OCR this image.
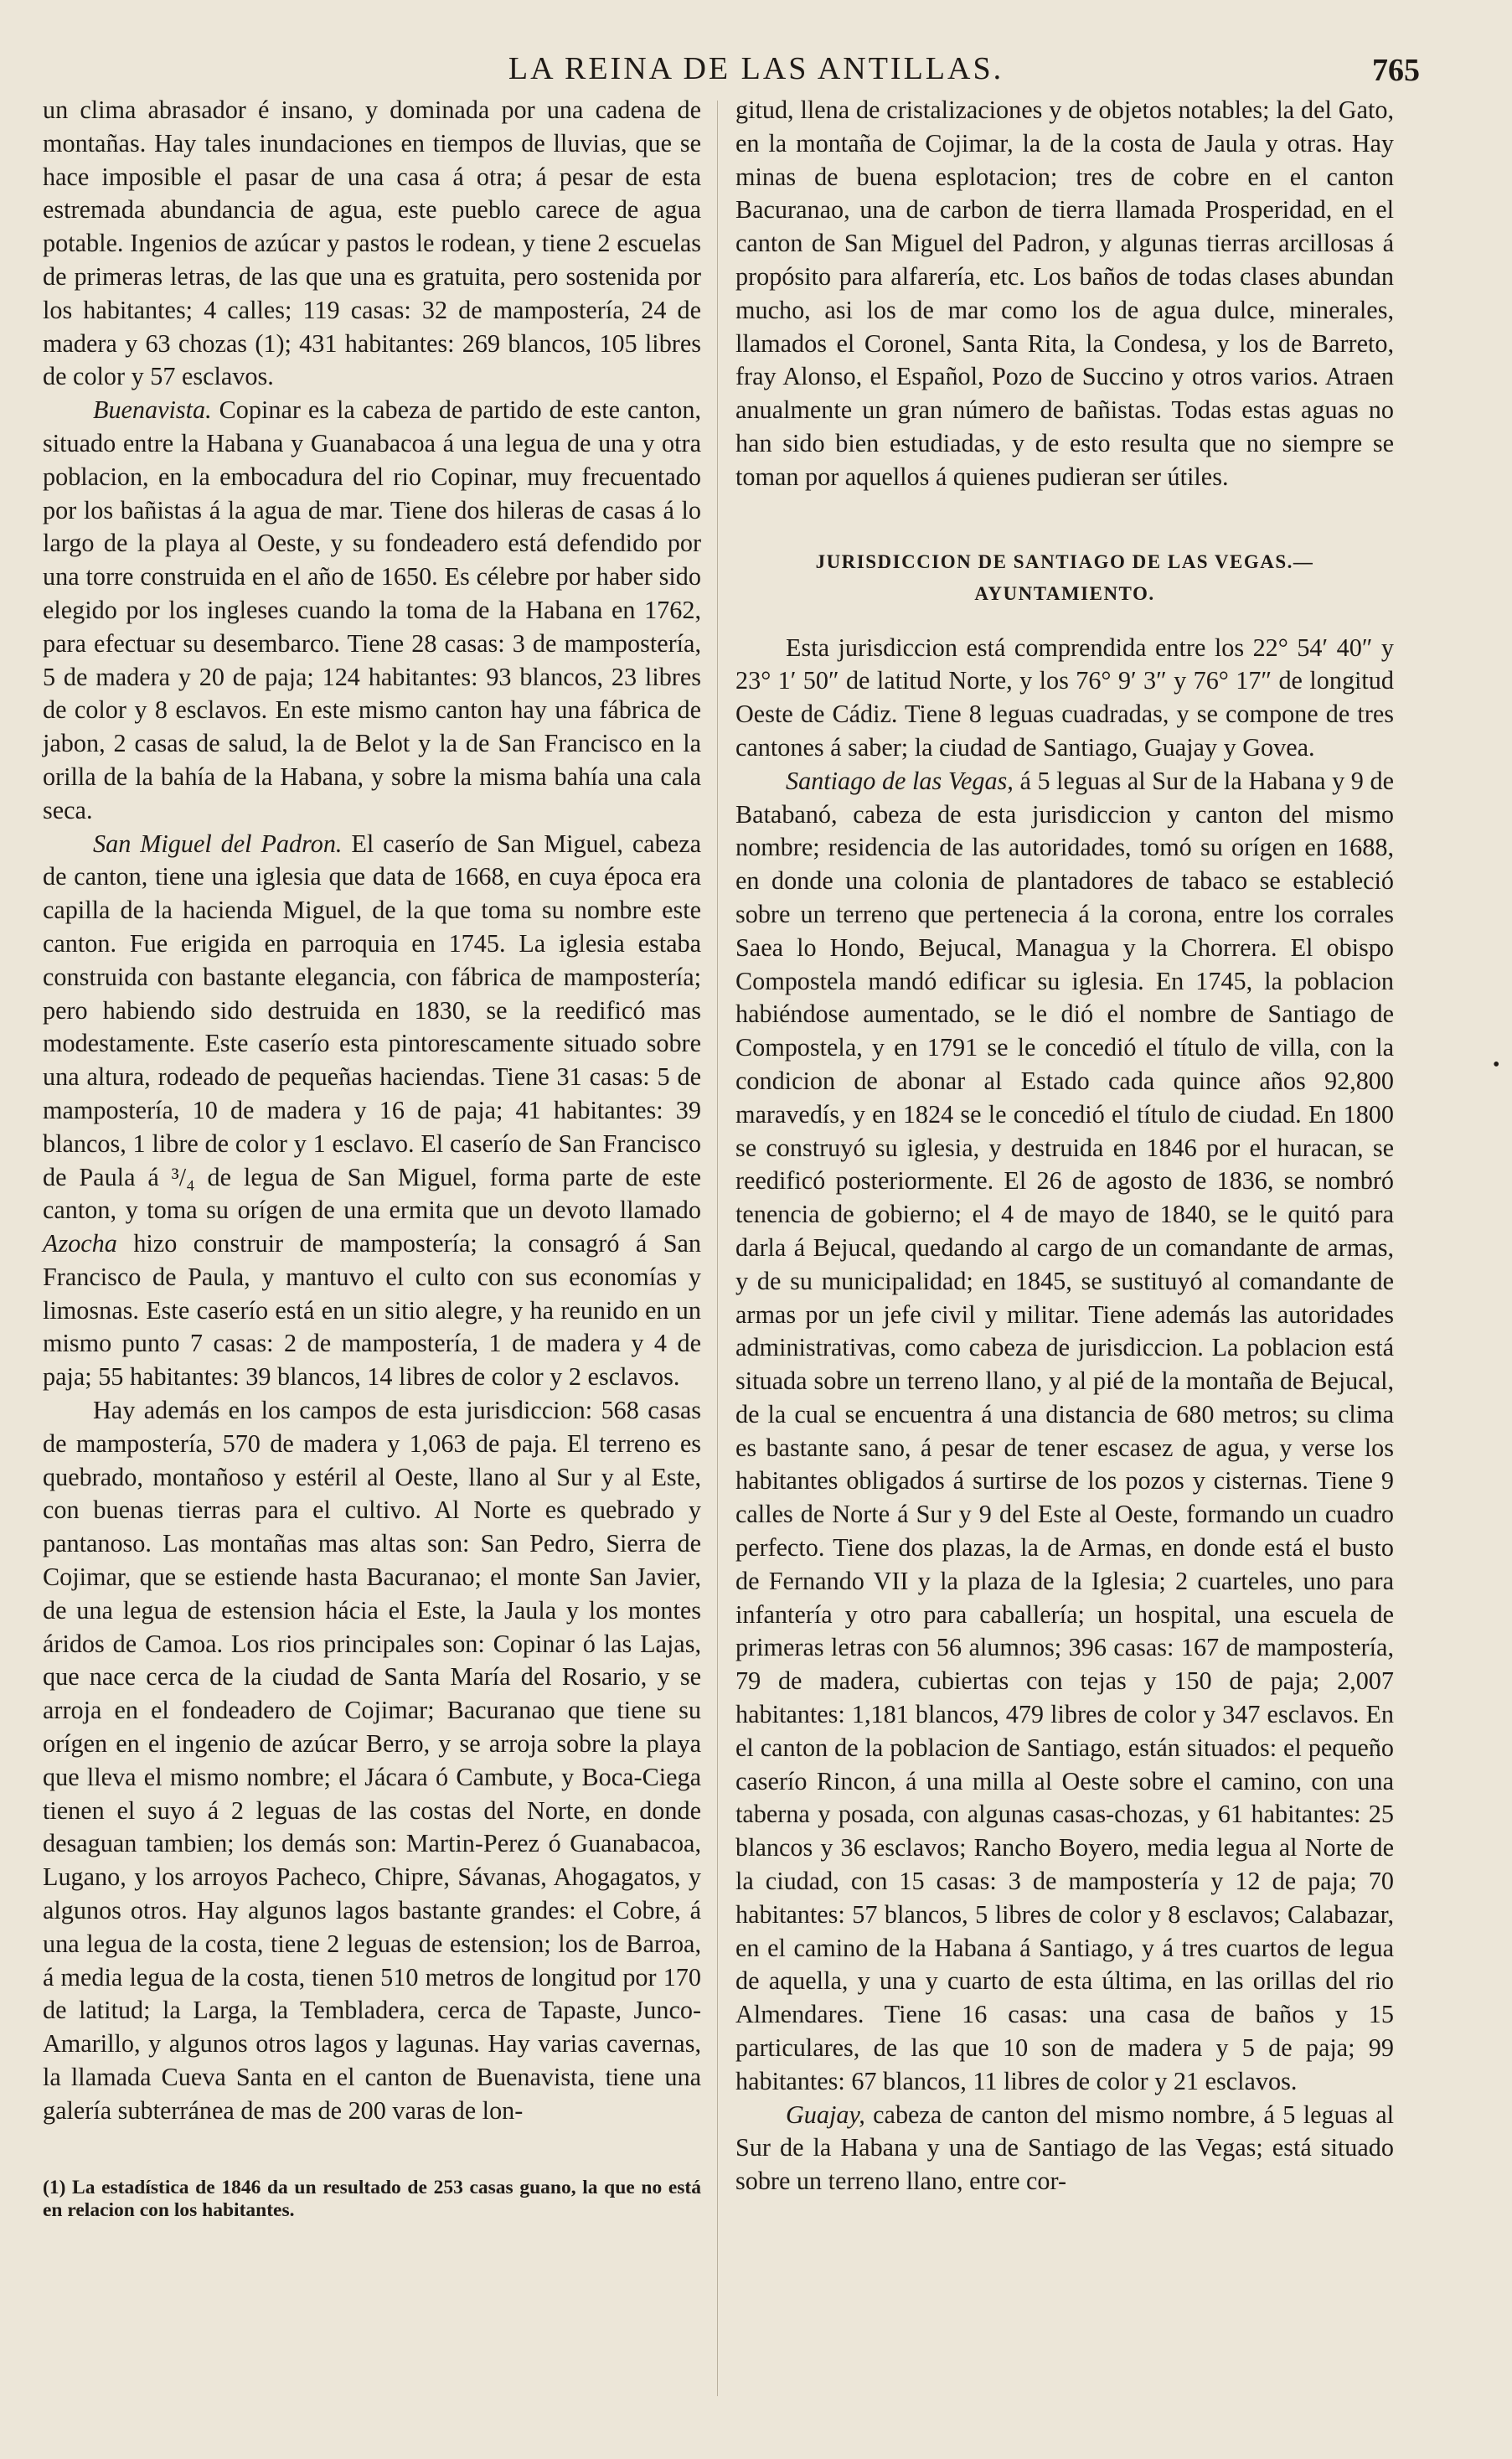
LA REINA DE LAS ANTILLAS.	765

un clima abrasador é insano, y dominada por una cadena de montañas. Hay tales inundaciones en tiempos de lluvias, que se hace imposible el pasar de una casa á otra; á pesar de esta estremada abundancia de agua, este pueblo carece de agua potable. Ingenios de azúcar y pastos le rodean, y tiene 2 escuelas de primeras letras, de las que una es gratuita, pero sostenida por los habitantes; 4 calles; 119 casas: 32 de mampostería, 24 de madera y 63 chozas (1); 431 habitantes: 269 blancos, 105 libres de color y 57 esclavos.

Buenavista. Copinar es la cabeza de partido de este canton, situado entre la Habana y Guanabacoa á una legua de una y otra poblacion, en la embocadura del rio Copinar, muy frecuentado por los bañistas á la agua de mar. Tiene dos hileras de casas á lo largo de la playa al Oeste, y su fondeadero está defendido por una torre construida en el año de 1650. Es célebre por haber sido elegido por los ingleses cuando la toma de la Habana en 1762, para efectuar su desembarco. Tiene 28 casas: 3 de mampostería, 5 de madera y 20 de paja; 124 habitantes: 93 blancos, 23 libres de color y 8 esclavos. En este mismo canton hay una fábrica de jabon, 2 casas de salud, la de Belot y la de San Francisco en la orilla de la bahía de la Habana, y sobre la misma bahía una cala seca.

San Miguel del Padron. El caserío de San Miguel, cabeza de canton, tiene una iglesia que data de 1668, en cuya época era capilla de la hacienda Miguel, de la que toma su nombre este canton. Fue erigida en parroquia en 1745. La iglesia estaba construida con bastante elegancia, con fábrica de mampostería; pero habiendo sido destruida en 1830, se la reedificó mas modestamente. Este caserío esta pintorescamente situado sobre una altura, rodeado de pequeñas haciendas. Tiene 31 casas: 5 de mampostería, 10 de madera y 16 de paja; 41 habitantes: 39 blancos, 1 libre de color y 1 esclavo. El caserío de San Francisco de Paula á ³/₄ de legua de San Miguel, forma parte de este canton, y toma su orígen de una ermita que un devoto llamado Azocha hizo construir de mampostería; la consagró á San Francisco de Paula, y mantuvo el culto con sus economías y limosnas. Este caserío está en un sitio alegre, y ha reunido en un mismo punto 7 casas: 2 de mampostería, 1 de madera y 4 de paja; 55 habitantes: 39 blancos, 14 libres de color y 2 esclavos.

Hay además en los campos de esta jurisdiccion: 568 casas de mampostería, 570 de madera y 1,063 de paja. El terreno es quebrado, montañoso y estéril al Oeste, llano al Sur y al Este, con buenas tierras para el cultivo. Al Norte es quebrado y pantanoso. Las montañas mas altas son: San Pedro, Sierra de Cojimar, que se estiende hasta Bacuranao; el monte San Javier, de una legua de estension hácia el Este, la Jaula y los montes áridos de Camoa. Los rios principales son: Copinar ó las Lajas, que nace cerca de la ciudad de Santa María del Rosario, y se arroja en el fondeadero de Cojimar; Bacuranao que tiene su orígen en el ingenio de azúcar Berro, y se arroja sobre la playa que lleva el mismo nombre; el Jácara ó Cambute, y Boca-Ciega tienen el suyo á 2 leguas de las costas del Norte, en donde desaguan tambien; los demás son: Martin-Perez ó Guanabacoa, Lugano, y los arroyos Pacheco, Chipre, Sávanas, Ahogagatos, y algunos otros. Hay algunos lagos bastante grandes: el Cobre, á una legua de la costa, tiene 2 leguas de estension; los de Barroa, á media legua de la costa, tienen 510 metros de longitud por 170 de latitud; la Larga, la Tembladera, cerca de Tapaste, Junco-Amarillo, y algunos otros lagos y lagunas. Hay varias cavernas, la llamada Cueva Santa en el canton de Buenavista, tiene una galería subterránea de mas de 200 varas de lon-

(1) La estadística de 1846 da un resultado de 253 casas guano, la que no está en relacion con los habitantes.

gitud, llena de cristalizaciones y de objetos notables; la del Gato, en la montaña de Cojimar, la de la costa de Jaula y otras. Hay minas de buena esplotacion; tres de cobre en el canton Bacuranao, una de carbon de tierra llamada Prosperidad, en el canton de San Miguel del Padron, y algunas tierras arcillosas á propósito para alfarería, etc. Los baños de todas clases abundan mucho, asi los de mar como los de agua dulce, minerales, llamados el Coronel, Santa Rita, la Condesa, y los de Barreto, fray Alonso, el Español, Pozo de Succino y otros varios. Atraen anualmente un gran número de bañistas. Todas estas aguas no han sido bien estudiadas, y de esto resulta que no siempre se toman por aquellos á quienes pudieran ser útiles.

JURISDICCION DE SANTIAGO DE LAS VEGAS.—AYUNTAMIENTO.

Esta jurisdiccion está comprendida entre los 22° 54′ 40″ y 23° 1′ 50″ de latitud Norte, y los 76° 9′ 3″ y 76° 17″ de longitud Oeste de Cádiz. Tiene 8 leguas cuadradas, y se compone de tres cantones á saber; la ciudad de Santiago, Guajay y Govea.

Santiago de las Vegas, á 5 leguas al Sur de la Habana y 9 de Batabanó, cabeza de esta jurisdiccion y canton del mismo nombre; residencia de las autoridades, tomó su orígen en 1688, en donde una colonia de plantadores de tabaco se estableció sobre un terreno que pertenecia á la corona, entre los corrales Saea lo Hondo, Bejucal, Managua y la Chorrera. El obispo Compostela mandó edificar su iglesia. En 1745, la poblacion habiéndose aumentado, se le dió el nombre de Santiago de Compostela, y en 1791 se le concedió el título de villa, con la condicion de abonar al Estado cada quince años 92,800 maravedís, y en 1824 se le concedió el título de ciudad. En 1800 se construyó su iglesia, y destruida en 1846 por el huracan, se reedificó posteriormente. El 26 de agosto de 1836, se nombró tenencia de gobierno; el 4 de mayo de 1840, se le quitó para darla á Bejucal, quedando al cargo de un comandante de armas, y de su municipalidad; en 1845, se sustituyó al comandante de armas por un jefe civil y militar. Tiene además las autoridades administrativas, como cabeza de jurisdiccion. La poblacion está situada sobre un terreno llano, y al pié de la montaña de Bejucal, de la cual se encuentra á una distancia de 680 metros; su clima es bastante sano, á pesar de tener escasez de agua, y verse los habitantes obligados á surtirse de los pozos y cisternas. Tiene 9 calles de Norte á Sur y 9 del Este al Oeste, formando un cuadro perfecto. Tiene dos plazas, la de Armas, en donde está el busto de Fernando VII y la plaza de la Iglesia; 2 cuarteles, uno para infantería y otro para caballería; un hospital, una escuela de primeras letras con 56 alumnos; 396 casas: 167 de mampostería, 79 de madera, cubiertas con tejas y 150 de paja; 2,007 habitantes: 1,181 blancos, 479 libres de color y 347 esclavos. En el canton de la poblacion de Santiago, están situados: el pequeño caserío Rincon, á una milla al Oeste sobre el camino, con una taberna y posada, con algunas casas-chozas, y 61 habitantes: 25 blancos y 36 esclavos; Rancho Boyero, media legua al Norte de la ciudad, con 15 casas: 3 de mampostería y 12 de paja; 70 habitantes: 57 blancos, 5 libres de color y 8 esclavos; Calabazar, en el camino de la Habana á Santiago, y á tres cuartos de legua de aquella, y una y cuarto de esta última, en las orillas del rio Almendares. Tiene 16 casas: una casa de baños y 15 particulares, de las que 10 son de madera y 5 de paja; 99 habitantes: 67 blancos, 11 libres de color y 21 esclavos.

Guajay, cabeza de canton del mismo nombre, á 5 leguas al Sur de la Habana y una de Santiago de las Vegas; está situado sobre un terreno llano, entre cor-

•
